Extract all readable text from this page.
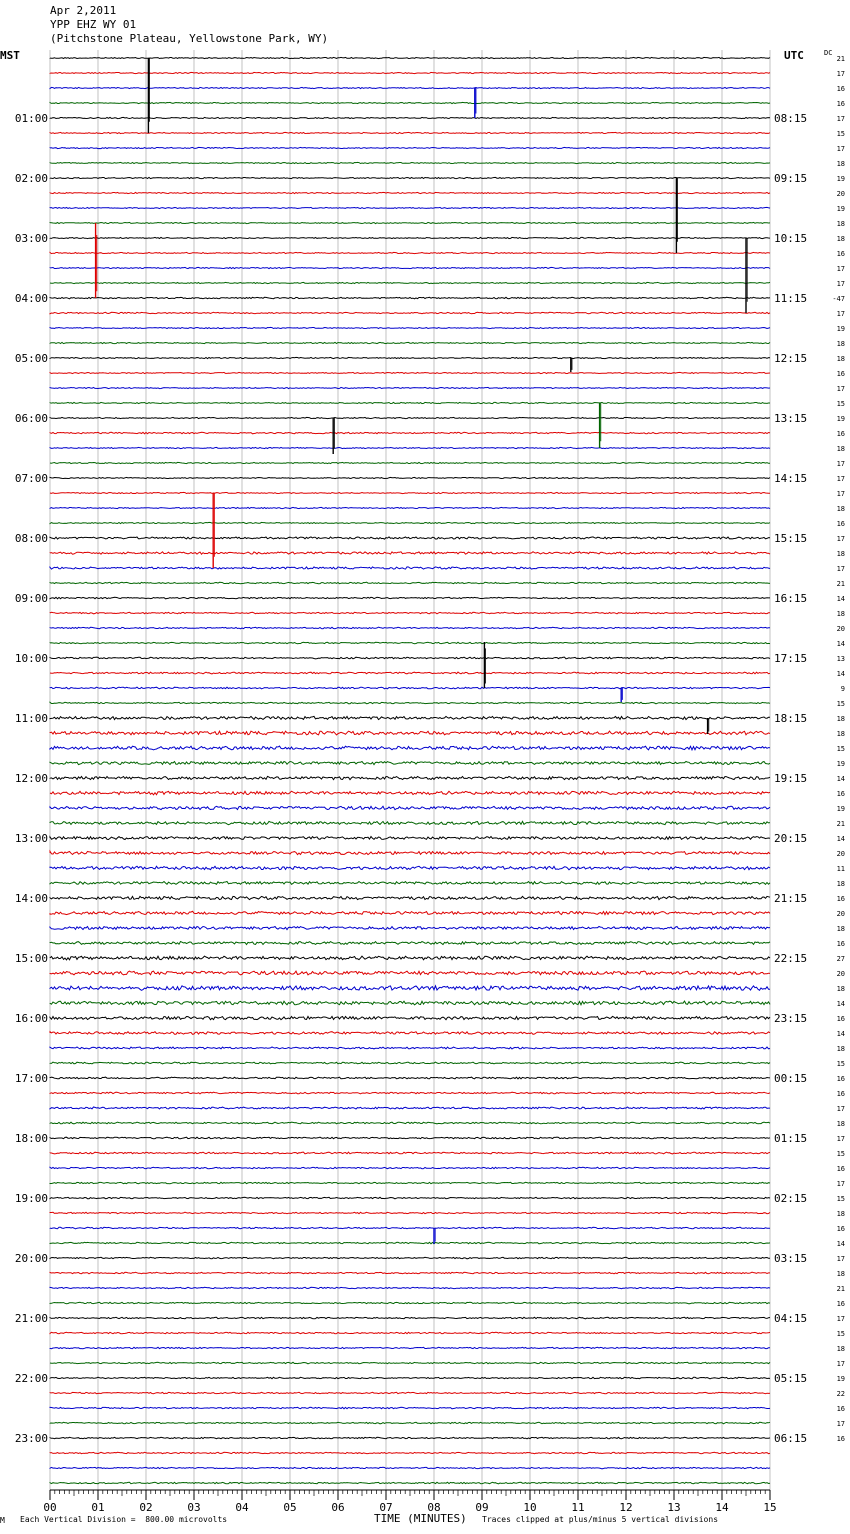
Apr 2,2011
YPP EHZ WY 01
(Pitchstone Plateau, Yellowstone Park, WY)
MST	UTC	DC
01:00
02:00
03:00
04:00
05:00
06:00
07:00
08:00
09:00
10:00
11:00
12:00
13:00
14:00
15:00
16:00
17:00
18:00
19:00
20:00
21:00
22:00
23:00
08:15
09:15
10:15
11:15
12:15
13:15
14:15
15:15
16:15
17:15
18:15
19:15
20:15
21:15
22:15
23:15
00:15
01:15
02:15
03:15
04:15
05:15
06:15
21
17
16
16
17
15
17
18
19
20
19
18
18
16
17
17
-47
17
19
18
18
16
17
15
19
16
18
17
17
17
18
16
17
18
17
21
14
18
20
14
13
14
9
15
18
18
15
19
14
16
19
21
14
20
11
18
16
20
18
16
27
20
18
14
16
14
18
15
16
16
17
18
17
15
16
17
15
18
16
14
17
18
21
16
17
15
18
17
19
22
16
17
16
00	01	02	03	04	05	06	07	08	09	10	11	12	13	14	15
M Each Vertical Division =  800.00 microvolts	TIME (MINUTES) Traces clipped at plus/minus 5 vertical divisions
